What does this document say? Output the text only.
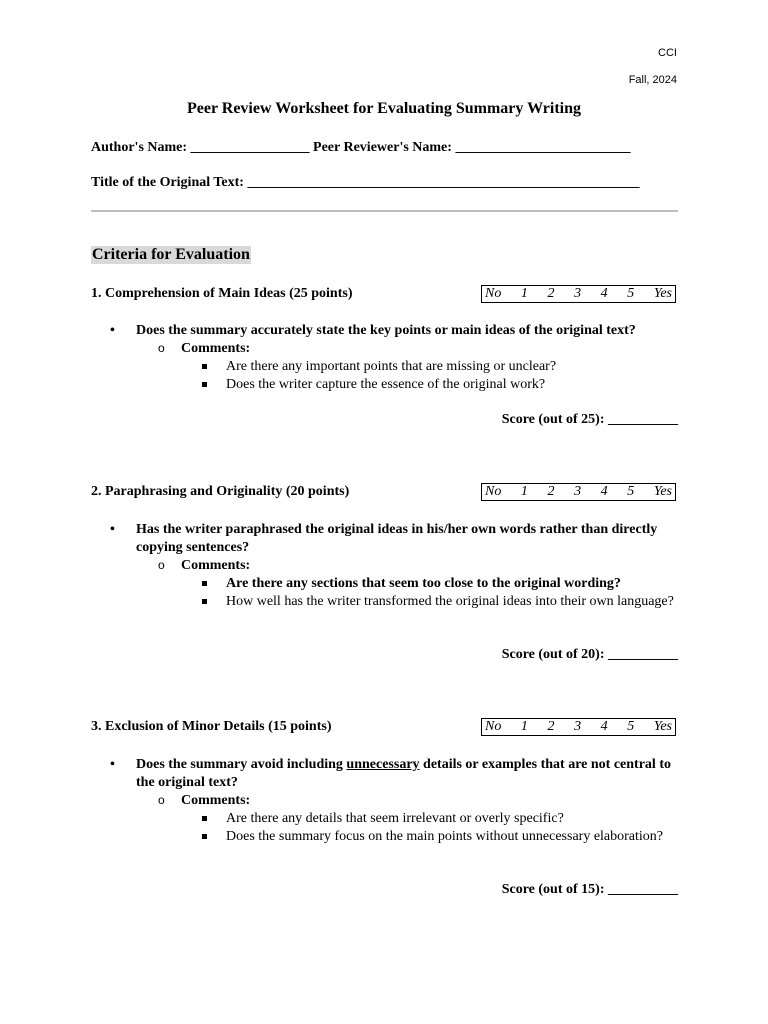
CCI
Fall, 2024
Peer Review Worksheet for Evaluating Summary Writing
Author's Name: _________________ Peer Reviewer's Name: _________________________
Title of the Original Text: ________________________________________________________
Criteria for Evaluation
1. Comprehension of Main Ideas (25 points)	No 1 2 3 4 5 Yes
• Does the summary accurately state the key points or main ideas of the original text?
o Comments:
Are there any important points that are missing or unclear?
Does the writer capture the essence of the original work?
Score (out of 25): __________
2. Paraphrasing and Originality (20 points)	No 1 2 3 4 5 Yes
• Has the writer paraphrased the original ideas in his/her own words rather than directly copying sentences?
o Comments:
Are there any sections that seem too close to the original wording?
How well has the writer transformed the original ideas into their own language?
Score (out of 20): __________
3. Exclusion of Minor Details (15 points)	No 1 2 3 4 5 Yes
• Does the summary avoid including unnecessary details or examples that are not central to the original text?
o Comments:
Are there any details that seem irrelevant or overly specific?
Does the summary focus on the main points without unnecessary elaboration?
Score (out of 15): __________
